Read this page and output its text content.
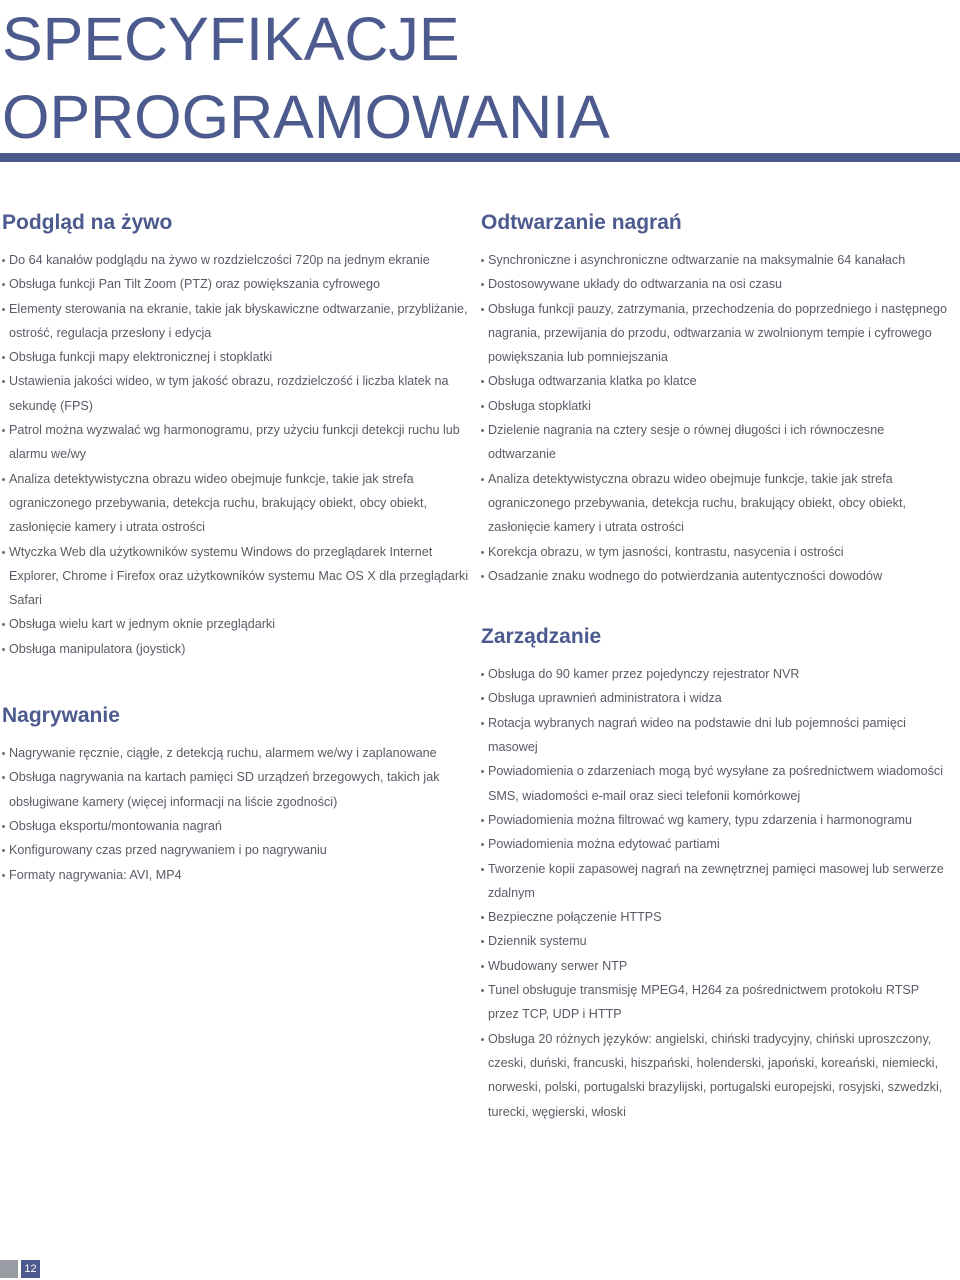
SPECYFIKACJE
OPROGRAMOWANIA
Podgląd na żywo
Do 64 kanałów podglądu na żywo w rozdzielczości 720p na jednym ekranie
Obsługa funkcji Pan Tilt Zoom (PTZ) oraz powiększania cyfrowego
Elementy sterowania na ekranie, takie jak błyskawiczne odtwarzanie, przybliżanie, ostrość, regulacja przesłony i edycja
Obsługa funkcji mapy elektronicznej i stopklatki
Ustawienia jakości wideo, w tym jakość obrazu, rozdzielczość i liczba klatek na sekundę (FPS)
Patrol można wyzwalać wg harmonogramu, przy użyciu funkcji detekcji ruchu lub alarmu we/wy
Analiza detektywistyczna obrazu wideo obejmuje funkcje, takie jak strefa ograniczonego przebywania, detekcja ruchu, brakujący obiekt, obcy obiekt, zasłonięcie kamery i utrata ostrości
Wtyczka Web dla użytkowników systemu Windows do przeglądarek Internet Explorer, Chrome i Firefox oraz użytkowników systemu Mac OS X dla przeglądarki Safari
Obsługa wielu kart w jednym oknie przeglądarki
Obsługa manipulatora (joystick)
Nagrywanie
Nagrywanie ręcznie, ciągłe, z detekcją ruchu, alarmem we/wy i zaplanowane
Obsługa nagrywania na kartach pamięci SD urządzeń brzegowych, takich jak obsługiwane kamery (więcej informacji na liście zgodności)
Obsługa eksportu/montowania nagrań
Konfigurowany czas przed nagrywaniem i po nagrywaniu
Formaty nagrywania: AVI, MP4
Odtwarzanie nagrań
Synchroniczne i asynchroniczne odtwarzanie na maksymalnie 64 kanałach
Dostosowywane układy do odtwarzania na osi czasu
Obsługa funkcji pauzy, zatrzymania, przechodzenia do poprzedniego i następnego nagrania, przewijania do przodu, odtwarzania w zwolnionym tempie i cyfrowego powiększania lub pomniejszania
Obsługa odtwarzania klatka po klatce
Obsługa stopklatki
Dzielenie nagrania na cztery sesje o równej długości i ich równoczesne odtwarzanie
Analiza detektywistyczna obrazu wideo obejmuje funkcje, takie jak strefa ograniczonego przebywania, detekcja ruchu, brakujący obiekt, obcy obiekt, zasłonięcie kamery i utrata ostrości
Korekcja obrazu, w tym jasności, kontrastu, nasycenia i ostrości
Osadzanie znaku wodnego do potwierdzania autentyczności dowodów
Zarządzanie
Obsługa do 90 kamer przez pojedynczy rejestrator NVR
Obsługa uprawnień administratora i widza
Rotacja wybranych nagrań wideo na podstawie dni lub pojemności pamięci masowej
Powiadomienia o zdarzeniach mogą być wysyłane za pośrednictwem wiadomości SMS, wiadomości e-mail oraz sieci telefonii komórkowej
Powiadomienia można filtrować wg kamery, typu zdarzenia i harmonogramu
Powiadomienia można edytować partiami
Tworzenie kopii zapasowej nagrań na zewnętrznej pamięci masowej lub serwerze zdalnym
Bezpieczne połączenie HTTPS
Dziennik systemu
Wbudowany serwer NTP
Tunel obsługuje transmisję MPEG4, H264 za pośrednictwem protokołu RTSP przez TCP, UDP i HTTP
Obsługa 20 różnych języków: angielski, chiński tradycyjny, chiński uproszczony, czeski, duński, francuski, hiszpański, holenderski, japoński, koreański, niemiecki, norweski, polski, portugalski brazylijski, portugalski europejski, rosyjski, szwedzki, turecki, węgierski, włoski
12
